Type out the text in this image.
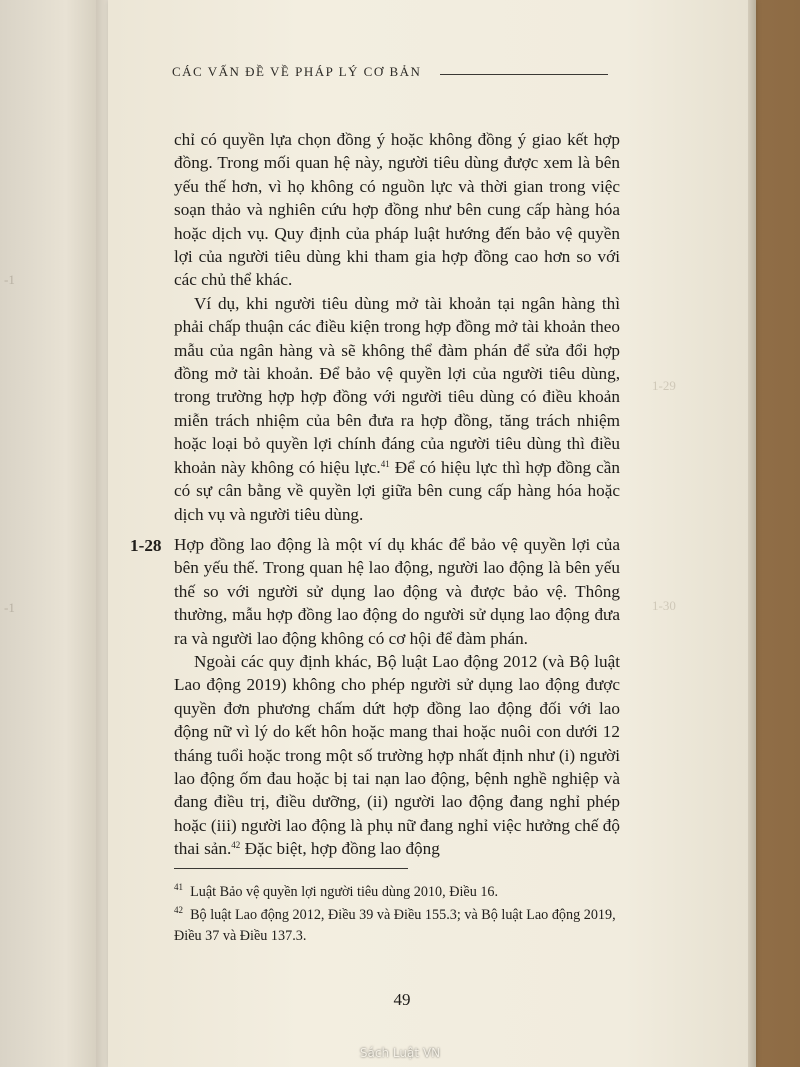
-1
-1
1-29
1-30
CÁC VẤN ĐỀ VỀ PHÁP LÝ CƠ BẢN

chỉ có quyền lựa chọn đồng ý hoặc không đồng ý giao kết hợp đồng. Trong mối quan hệ này, người tiêu dùng được xem là bên yếu thế hơn, vì họ không có nguồn lực và thời gian trong việc soạn thảo và nghiên cứu hợp đồng như bên cung cấp hàng hóa hoặc dịch vụ. Quy định của pháp luật hướng đến bảo vệ quyền lợi của người tiêu dùng khi tham gia hợp đồng cao hơn so với các chủ thể khác.

Ví dụ, khi người tiêu dùng mở tài khoản tại ngân hàng thì phải chấp thuận các điều kiện trong hợp đồng mở tài khoản theo mẫu của ngân hàng và sẽ không thể đàm phán để sửa đổi hợp đồng mở tài khoản. Để bảo vệ quyền lợi của người tiêu dùng, trong trường hợp hợp đồng với người tiêu dùng có điều khoản miễn trách nhiệm của bên đưa ra hợp đồng, tăng trách nhiệm hoặc loại bỏ quyền lợi chính đáng của người tiêu dùng thì điều khoản này không có hiệu lực.$^{41}$ Để có hiệu lực thì hợp đồng cần có sự cân bằng về quyền lợi giữa bên cung cấp hàng hóa hoặc dịch vụ và người tiêu dùng.

1-28 Hợp đồng lao động là một ví dụ khác để bảo vệ quyền lợi của bên yếu thế. Trong quan hệ lao động, người lao động là bên yếu thế so với người sử dụng lao động và được bảo vệ. Thông thường, mẫu hợp đồng lao động do người sử dụng lao động đưa ra và người lao động không có cơ hội để đàm phán.

Ngoài các quy định khác, Bộ luật Lao động 2012 (và Bộ luật Lao động 2019) không cho phép người sử dụng lao động được quyền đơn phương chấm dứt hợp đồng lao động đối với lao động nữ vì lý do kết hôn hoặc mang thai hoặc nuôi con dưới 12 tháng tuổi hoặc trong một số trường hợp nhất định như (i) người lao động ốm đau hoặc bị tai nạn lao động, bệnh nghề nghiệp và đang điều trị, điều dưỡng, (ii) người lao động đang nghỉ phép hoặc (iii) người lao động là phụ nữ đang nghỉ việc hưởng chế độ thai sản.$^{42}$ Đặc biệt, hợp đồng lao động

$^{41}$ Luật Bảo vệ quyền lợi người tiêu dùng 2010, Điều 16.

$^{42}$ Bộ luật Lao động 2012, Điều 39 và Điều 155.3; và Bộ luật Lao động 2019, Điều 37 và Điều 137.3.

49
Sách Luật VN
